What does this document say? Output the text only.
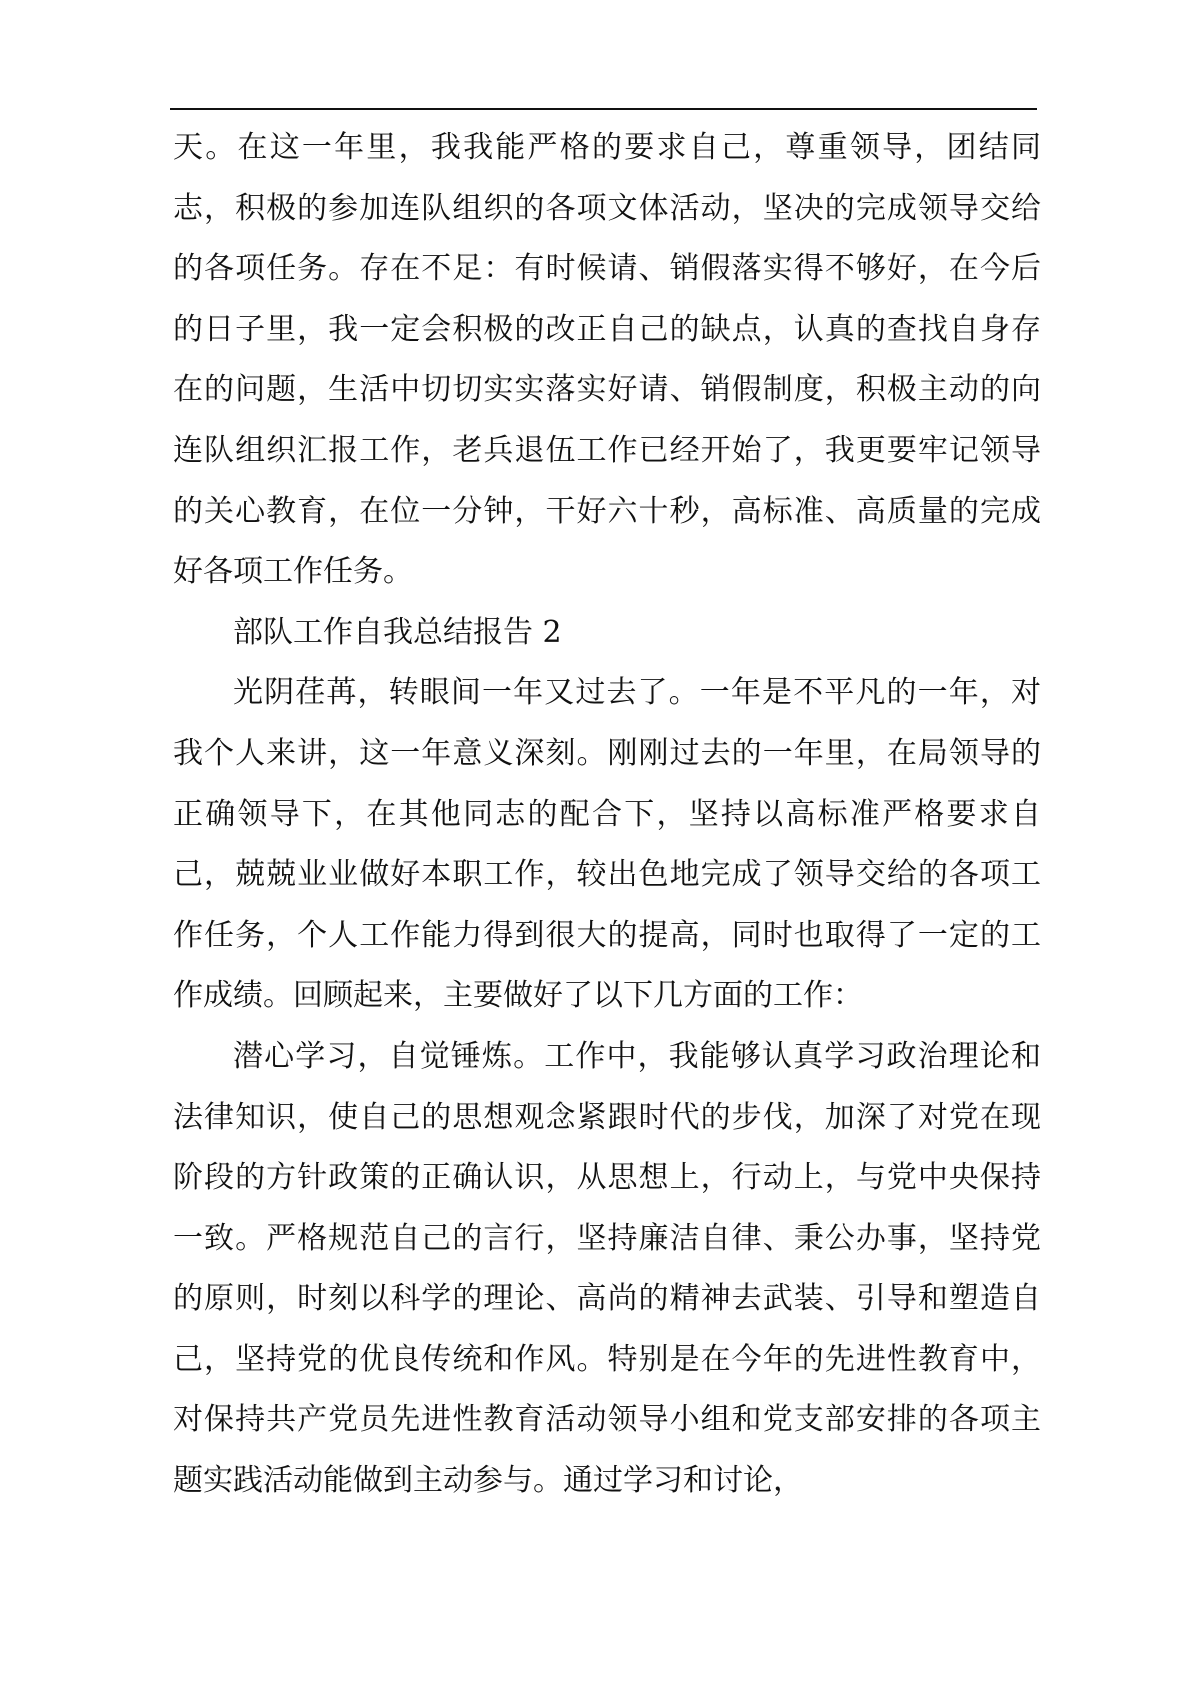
天。在这一年里，我我能严格的要求自己，尊重领导，团结同志，积极的参加连队组织的各项文体活动，坚决的完成领导交给的各项任务。存在不足：有时候请、销假落实得不够好，在今后的日子里，我一定会积极的改正自己的缺点，认真的查找自身存在的问题，生活中切切实实落实好请、销假制度，积极主动的向连队组织汇报工作，老兵退伍工作已经开始了，我更要牢记领导的关心教育，在位一分钟，干好六十秒，高标准、高质量的完成好各项工作任务。

部队工作自我总结报告 2

光阴荏苒，转眼间一年又过去了。一年是不平凡的一年，对我个人来讲，这一年意义深刻。刚刚过去的一年里，在局领导的正确领导下，在其他同志的配合下，坚持以高标准严格要求自己，兢兢业业做好本职工作，较出色地完成了领导交给的各项工作任务，个人工作能力得到很大的提高，同时也取得了一定的工作成绩。回顾起来，主要做好了以下几方面的工作：

潜心学习，自觉锤炼。工作中，我能够认真学习政治理论和法律知识，使自己的思想观念紧跟时代的步伐，加深了对党在现阶段的方针政策的正确认识，从思想上，行动上，与党中央保持一致。严格规范自己的言行，坚持廉洁自律、秉公办事，坚持党的原则，时刻以科学的理论、高尚的精神去武装、引导和塑造自己，坚持党的优良传统和作风。特别是在今年的先进性教育中，对保持共产党员先进性教育活动领导小组和党支部安排的各项主题实践活动能做到主动参与。通过学习和讨论，
